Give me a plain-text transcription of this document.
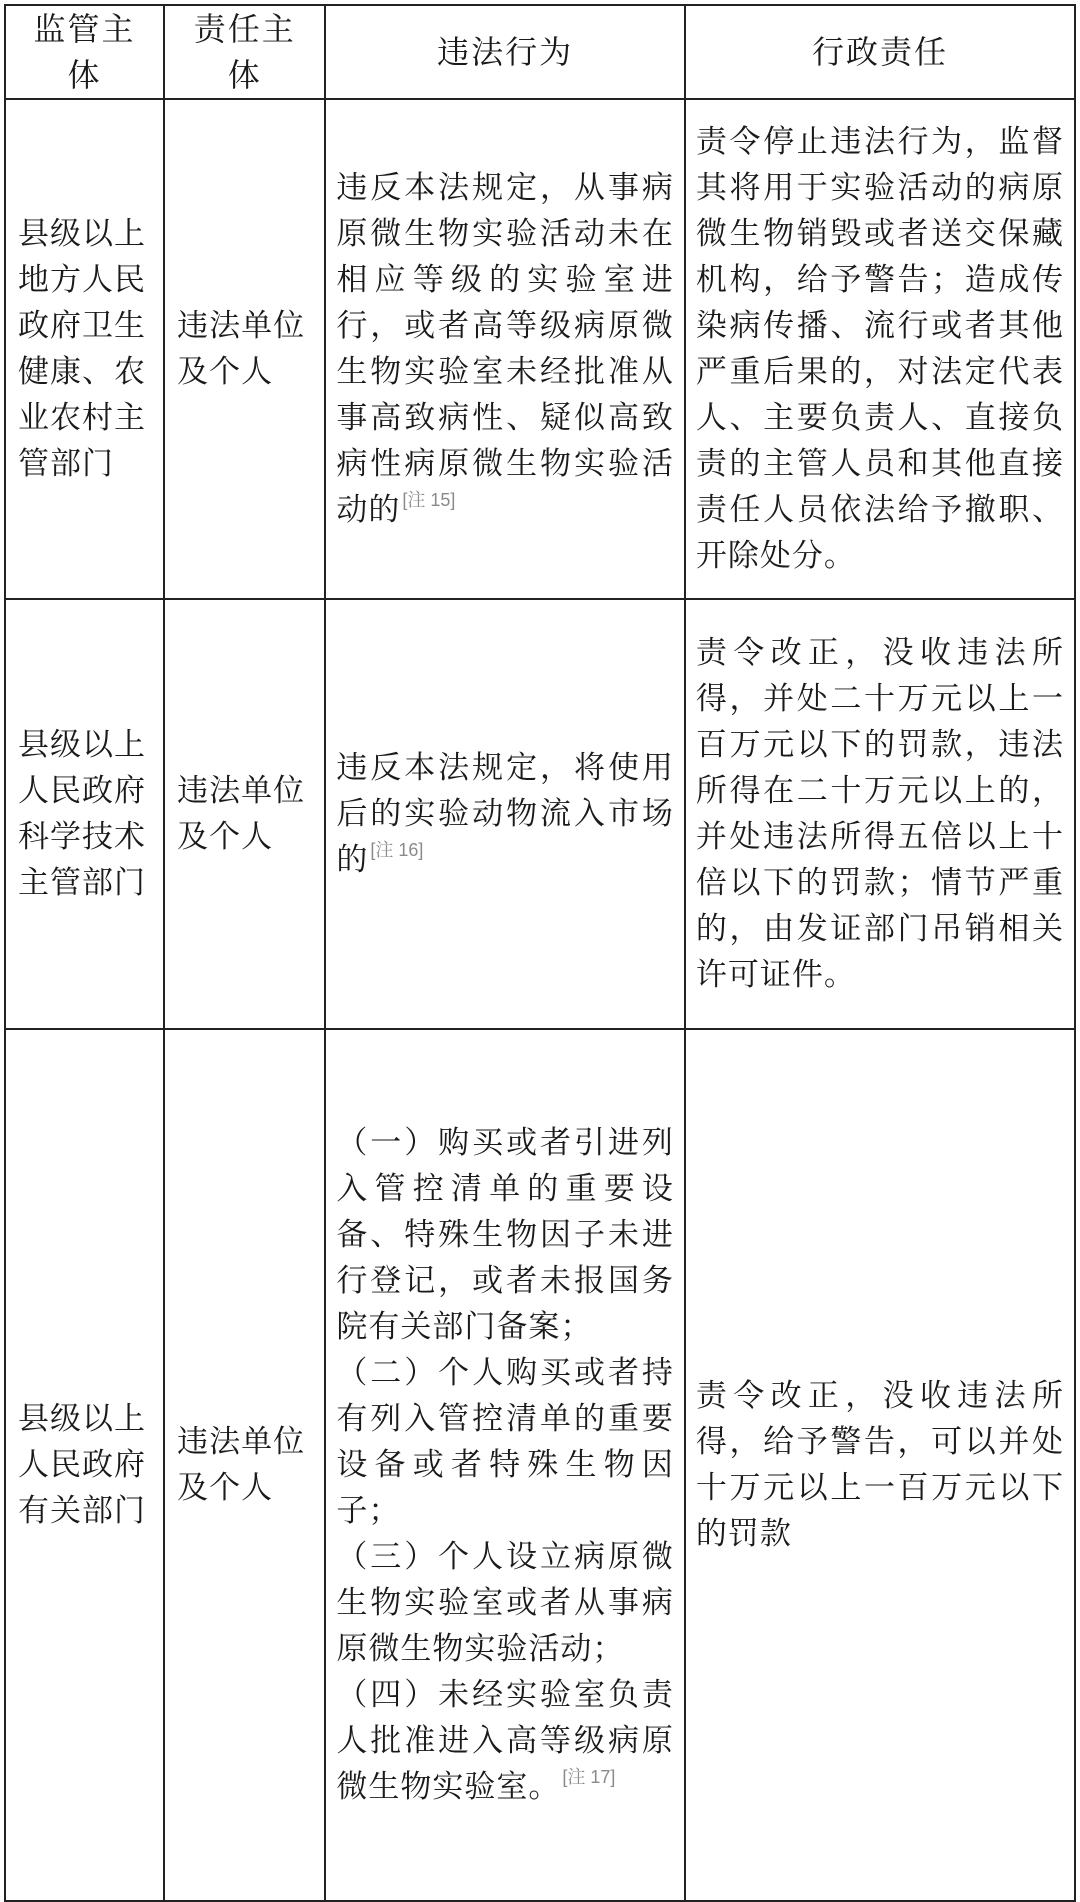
监管主体	责任主体	违法行为	行政责任
县级以上地方人民政府卫生健康、农业农村主管部门	违法单位及个人	违反本法规定，从事病原微生物实验活动未在相应等级的实验室进行，或者高等级病原微生物实验室未经批准从事高致病性、疑似高致病性病原微生物实验活动的 [注 15]	责令停止违法行为，监督其将用于实验活动的病原微生物销毁或者送交保藏机构，给予警告；造成传染病传播、流行或者其他严重后果的，对法定代表人、主要负责人、直接负责的主管人员和其他直接责任人员依法给予撤职、开除处分。
县级以上人民政府科学技术主管部门	违法单位及个人	违反本法规定，将使用后的实验动物流入市场的 [注 16]	责令改正，没收违法所得，并处二十万元以上一百万元以下的罚款，违法所得在二十万元以上的，并处违法所得五倍以上十倍以下的罚款；情节严重的，由发证部门吊销相关许可证件。
县级以上人民政府有关部门	违法单位及个人	（一）购买或者引进列入管控清单的重要设备、特殊生物因子未进行登记，或者未报国务院有关部门备案；
（二）个人购买或者持有列入管控清单的重要设备或者特殊生物因子；
（三）个人设立病原微生物实验室或者从事病原微生物实验活动；
（四）未经实验室负责人批准进入高等级病原微生物实验室。 [注 17]	责令改正，没收违法所得，给予警告，可以并处十万元以上一百万元以下的罚款
